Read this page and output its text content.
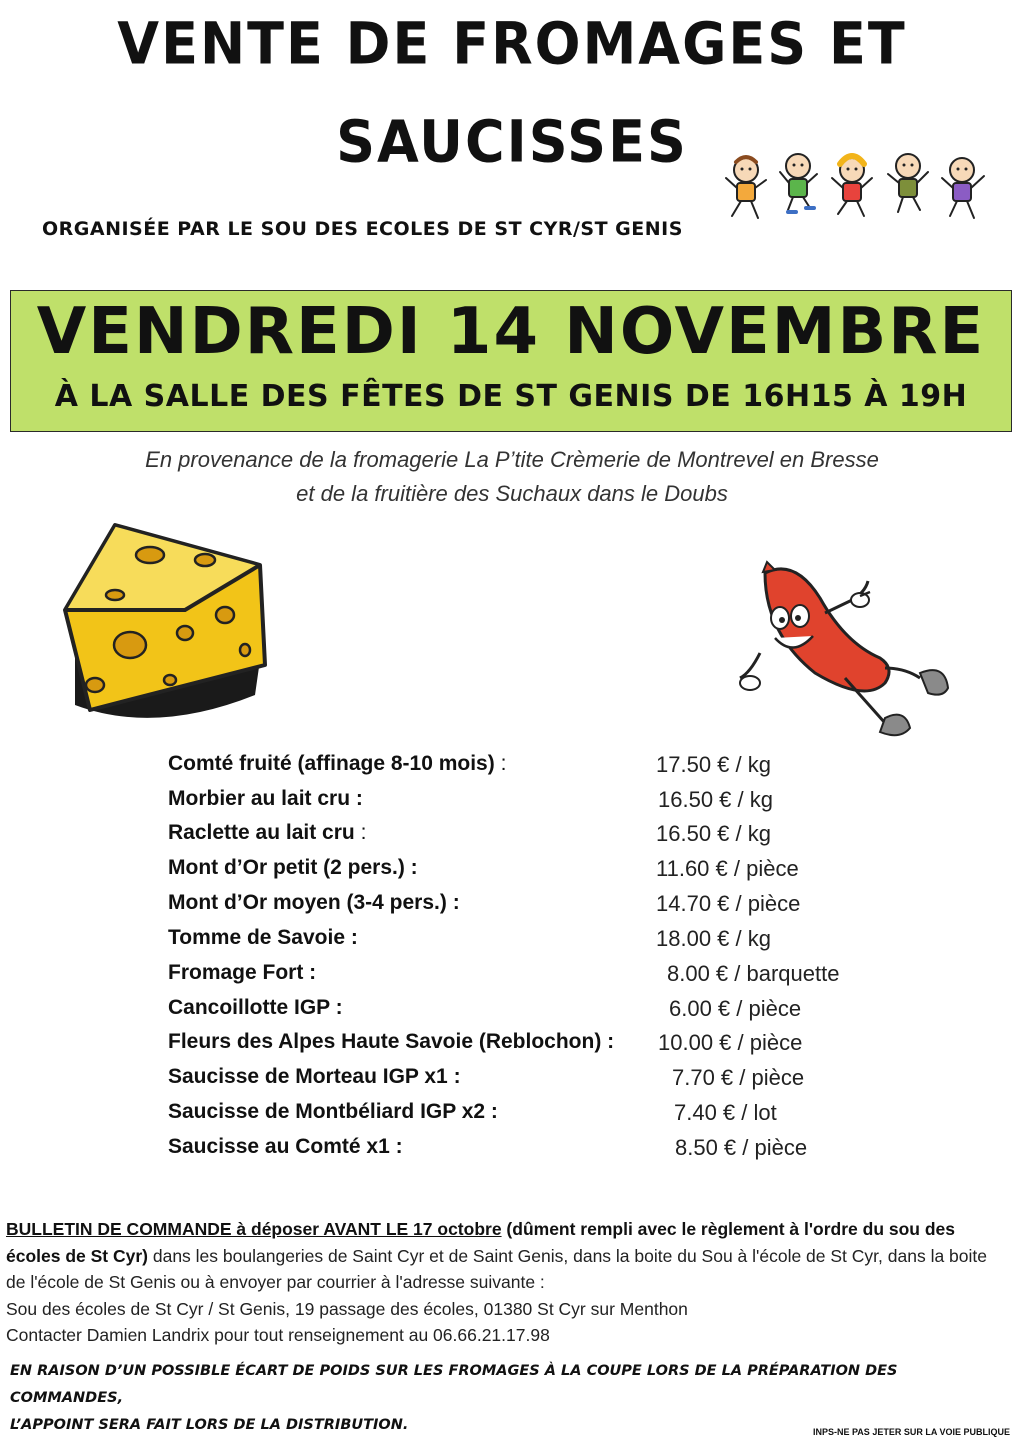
VENTE DE FROMAGES ET
SAUCISSES
ORGANISÉE PAR LE SOU DES ECOLES DE ST CYR/ST GENIS
VENDREDI 14 NOVEMBRE
À LA SALLE DES FÊTES DE ST GENIS DE 16H15 À 19H
En provenance de la fromagerie La P’tite Crèmerie de Montrevel en Bresse
et de la fruitière des Suchaux dans le Doubs
Comté fruité (affinage 8-10 mois) :	17.50 € / kg
Morbier au lait cru :	16.50 € / kg
Raclette au lait cru :	16.50 € / kg
Mont d’Or petit (2 pers.) :	11.60 € / pièce
Mont d’Or moyen (3-4 pers.) :	14.70 € / pièce
Tomme de Savoie :	18.00 € / kg
Fromage Fort :	8.00 € / barquette
Cancoillotte IGP :	6.00 € / pièce
Fleurs des Alpes Haute Savoie (Reblochon) : 10.00 € / pièce
Saucisse de Morteau IGP x1 :	7.70 € / pièce
Saucisse de Montbéliard IGP x2 :	7.40 € / lot
Saucisse au Comté x1 :	8.50 € / pièce
BULLETIN DE COMMANDE à déposer AVANT LE 17 octobre (dûment rempli avec le règlement à l'ordre du sou des écoles de St Cyr) dans les boulangeries de Saint Cyr et de Saint Genis, dans la boite du Sou à l'école de St Cyr, dans la boite de l'école de St Genis ou à envoyer par courrier à l'adresse suivante :
Sou des écoles de St Cyr / St Genis, 19 passage des écoles, 01380 St Cyr sur Menthon
Contacter Damien Landrix pour tout renseignement au 06.66.21.17.98
EN RAISON D’UN POSSIBLE ÉCART DE POIDS SUR LES FROMAGES À LA COUPE LORS DE LA PRÉPARATION DES COMMANDES,
L’APPOINT SERA FAIT LORS DE LA DISTRIBUTION.	INPS-NE PAS JETER SUR LA VOIE PUBLIQUE
